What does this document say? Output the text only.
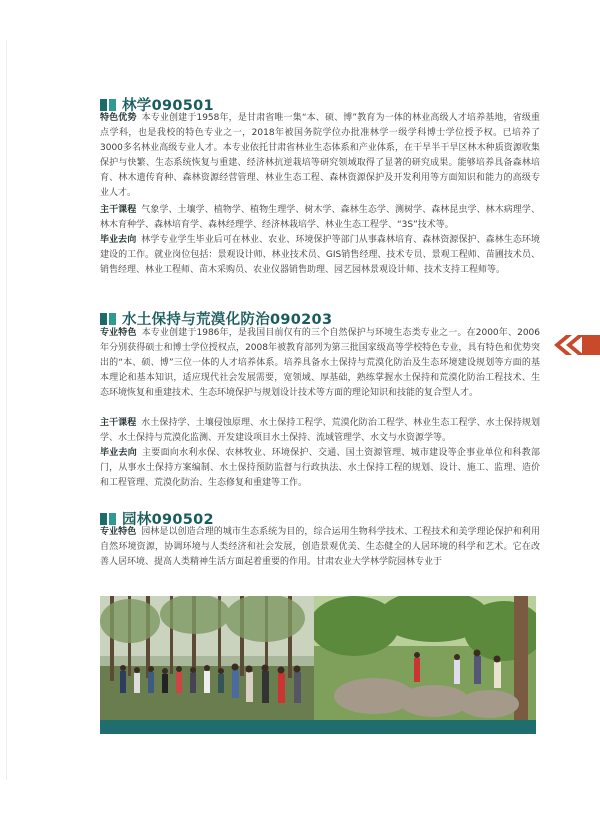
林学090501

特色优势 本专业创建于1958年，是甘肃省唯一集“本、硕、博”教育为一体的林业高级人才培养基地，省级重点学科，也是我校的特色专业之一，2018年被国务院学位办批准林学一级学科博士学位授予权。已培养了3000多名林业高级专业人才。本专业依托甘肃省林业生态体系和产业体系，在干旱半干旱区林木种质资源收集保护与快繁、生态系统恢复与重建、经济林抗逆栽培等研究领域取得了显著的研究成果。能够培养具备森林培育、林木遗传育种、森林资源经营管理、林业生态工程、森林资源保护及开发利用等方面知识和能力的高级专业人才。

主干课程 气象学、土壤学、植物学、植物生理学、树木学、森林生态学、测树学、森林昆虫学、林木病理学、林木育种学、森林培育学、森林经理学、经济林栽培学、林业生态工程学、“3S”技术等。

毕业去向 林学专业学生毕业后可在林业、农业、环境保护等部门从事森林培育、森林资源保护、森林生态环境建设的工作。就业岗位包括：景观设计师、林业技术员、GIS销售经理、技术专员、景观工程师、苗圃技术员、销售经理、林业工程师、苗木采购员、农业仪器销售助理、园艺园林景观设计师、技术支持工程师等。

水土保持与荒漠化防治090203

专业特色 本专业创建于1986年，是我国目前仅有的三个自然保护与环境生态类专业之一。在2000年、2006年分别获得硕士和博士学位授权点，2008年被教育部列为第三批国家级高等学校特色专业，具有特色和优势突出的“本、硕、博”三位一体的人才培养体系。培养具备水土保持与荒漠化防治及生态环境建设规划等方面的基本理论和基本知识，适应现代社会发展需要，宽领域、厚基础，熟练掌握水土保持和荒漠化防治工程技术、生态环境恢复和重建技术、生态环境保护与规划设计技术等方面的理论知识和技能的复合型人才。

主干课程 水土保持学、土壤侵蚀原理、水土保持工程学、荒漠化防治工程学、林业生态工程学、水土保持规划学、水土保持与荒漠化监测、开发建设项目水土保持、流域管理学、水文与水资源学等。

毕业去向 主要面向水利水保、农林牧业、环境保护、交通、国土资源管理、城市建设等企事业单位和科教部门，从事水土保持方案编制、水土保持预防监督与行政执法、水土保持工程的规划、设计、施工、监理、造价和工程管理、荒漠化防治、生态修复和重建等工作。

园林090502

专业特色 园林是以创造合理的城市生态系统为目的，综合运用生物科学技术、工程技术和美学理论保护和利用自然环境资源，协调环境与人类经济和社会发展，创造景观优美、生态健全的人居环境的科学和艺术。它在改善人居环境、提高人类精神生活方面起着重要的作用。甘肃农业大学林学院园林专业于
